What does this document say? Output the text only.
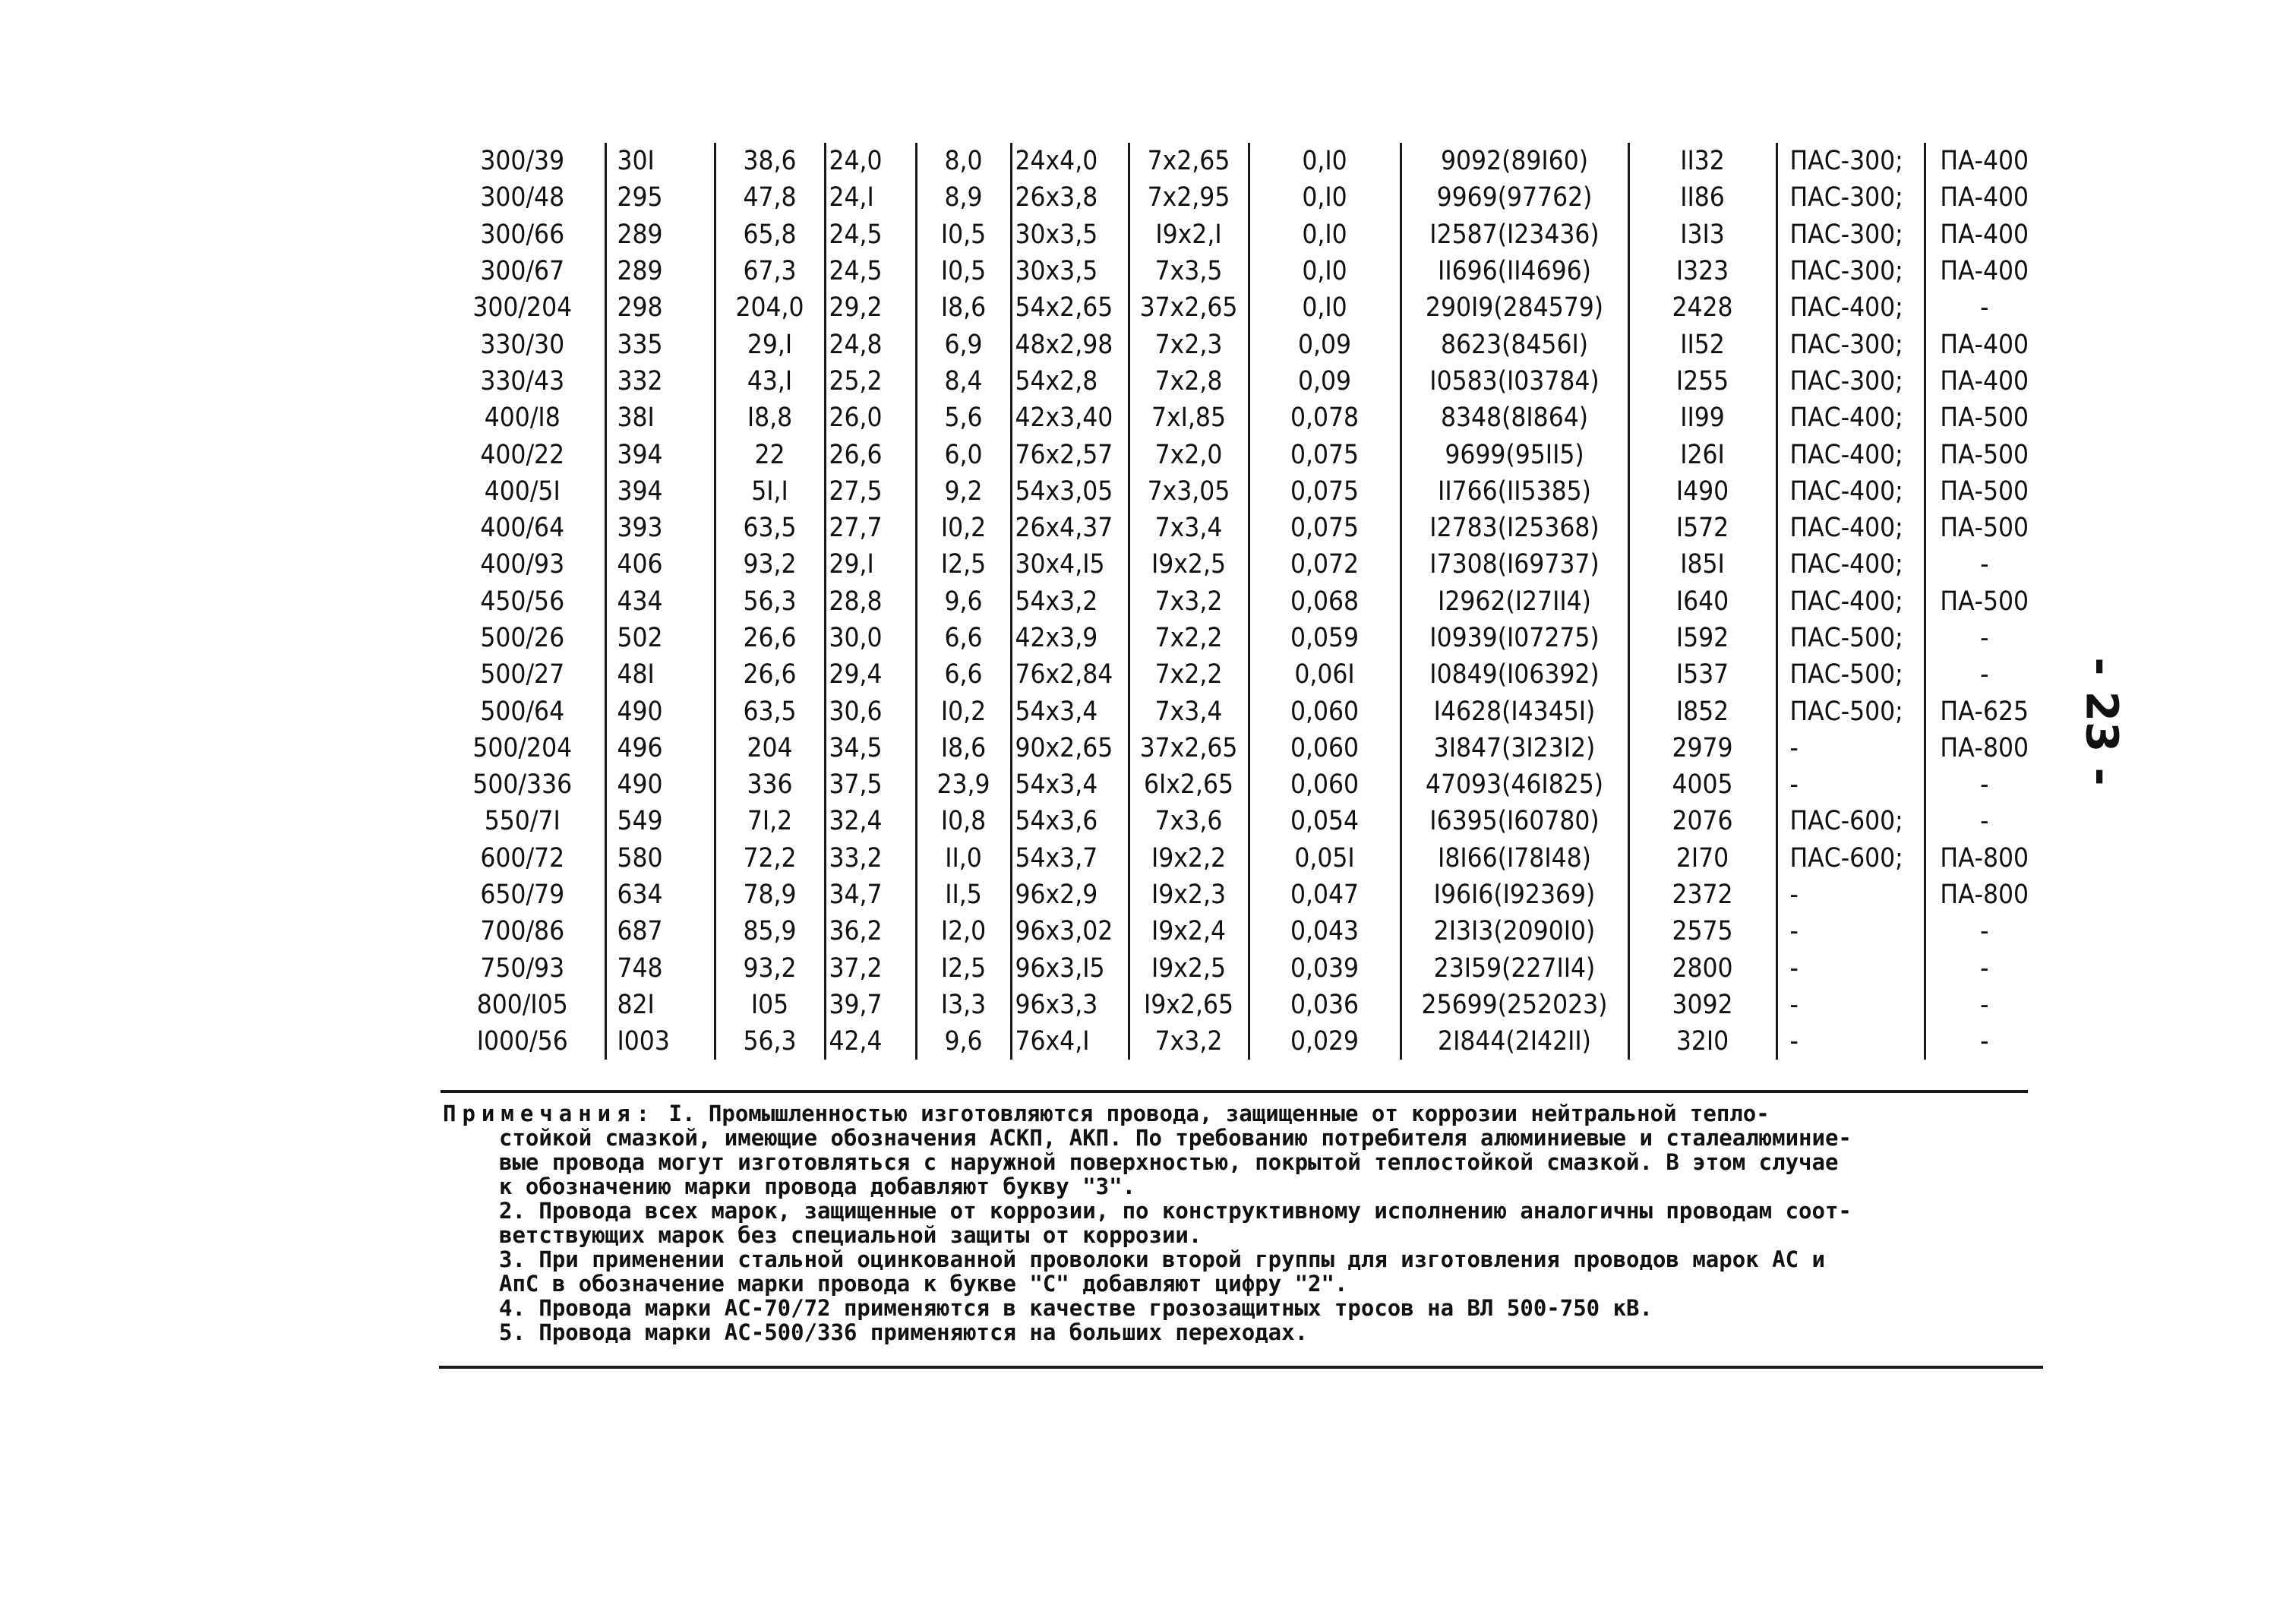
300/39	30I	38,6	24,0	8,0	24x4,0	7x2,65	0,I0	9092(89I60)	II32	ПАС-300;	ПА-400
300/48	295	47,8	24,I	8,9	26x3,8	7x2,95	0,I0	9969(97762)	II86	ПАС-300;	ПА-400
300/66	289	65,8	24,5	I0,5	30x3,5	I9x2,I	0,I0	I2587(I23436)	I3I3	ПАС-300;	ПА-400
300/67	289	67,3	24,5	I0,5	30x3,5	7x3,5	0,I0	II696(II4696)	I323	ПАС-300;	ПА-400
300/204	298	204,0	29,2	I8,6	54x2,65	37x2,65	0,I0	290I9(284579)	2428	ПАС-400;	-
330/30	335	29,I	24,8	6,9	48x2,98	7x2,3	0,09	8623(8456I)	II52	ПАС-300;	ПА-400
330/43	332	43,I	25,2	8,4	54x2,8	7x2,8	0,09	I0583(I03784)	I255	ПАС-300;	ПА-400
400/I8	38I	I8,8	26,0	5,6	42x3,40	7xI,85	0,078	8348(8I864)	II99	ПАС-400;	ПА-500
400/22	394	22	26,6	6,0	76x2,57	7x2,0	0,075	9699(95II5)	I26I	ПАС-400;	ПА-500
400/5I	394	5I,I	27,5	9,2	54x3,05	7x3,05	0,075	II766(II5385)	I490	ПАС-400;	ПА-500
400/64	393	63,5	27,7	I0,2	26x4,37	7x3,4	0,075	I2783(I25368)	I572	ПАС-400;	ПА-500
400/93	406	93,2	29,I	I2,5	30x4,I5	I9x2,5	0,072	I7308(I69737)	I85I	ПАС-400;	-
450/56	434	56,3	28,8	9,6	54x3,2	7x3,2	0,068	I2962(I27II4)	I640	ПАС-400;	ПА-500
500/26	502	26,6	30,0	6,6	42x3,9	7x2,2	0,059	I0939(I07275)	I592	ПАС-500;	-
500/27	48I	26,6	29,4	6,6	76x2,84	7x2,2	0,06I	I0849(I06392)	I537	ПАС-500;	-
500/64	490	63,5	30,6	I0,2	54x3,4	7x3,4	0,060	I4628(I4345I)	I852	ПАС-500;	ПА-625
500/204	496	204	34,5	I8,6	90x2,65	37x2,65	0,060	3I847(3I23I2)	2979	-	ПА-800
500/336	490	336	37,5	23,9	54x3,4	6Ix2,65	0,060	47093(46I825)	4005	-	-
550/7I	549	7I,2	32,4	I0,8	54x3,6	7x3,6	0,054	I6395(I60780)	2076	ПАС-600;	-
600/72	580	72,2	33,2	II,0	54x3,7	I9x2,2	0,05I	I8I66(I78I48)	2I70	ПАС-600;	ПА-800
650/79	634	78,9	34,7	II,5	96x2,9	I9x2,3	0,047	I96I6(I92369)	2372	-	ПА-800
700/86	687	85,9	36,2	I2,0	96x3,02	I9x2,4	0,043	2I3I3(2090I0)	2575	-	-
750/93	748	93,2	37,2	I2,5	96x3,I5	I9x2,5	0,039	23I59(227II4)	2800	-	-
800/I05	82I	I05	39,7	I3,3	96x3,3	I9x2,65	0,036	25699(252023)	3092	-	-
I000/56	I003	56,3	42,4	9,6	76x4,I	7x3,2	0,029	2I844(2I42II)	32I0	-	-

Примечания: I. Промышленностью изготовляются провода, защищенные от коррозии нейтральной тепло-

стойкой смазкой, имеющие обозначения АСКП, АКП. По требованию потребителя алюминиевые и сталеалюминие-

вые провода могут изготовляться с наружной поверхностью, покрытой теплостойкой смазкой. В этом случае

к обозначению марки провода добавляют букву "З".

2. Провода всех марок, защищенные от коррозии, по конструктивному исполнению аналогичны проводам соот-

ветствующих марок без специальной защиты от коррозии.

3. При применении стальной оцинкованной проволоки второй группы для изготовления проводов марок АС и

АпС в обозначение марки провода к букве "С" добавляют цифру "2".

4. Провода марки АС-70/72 применяются в качестве грозозащитных тросов на ВЛ 500-750 кВ.

5. Провода марки АС-500/336 применяются на больших переходах.

- 23 -
